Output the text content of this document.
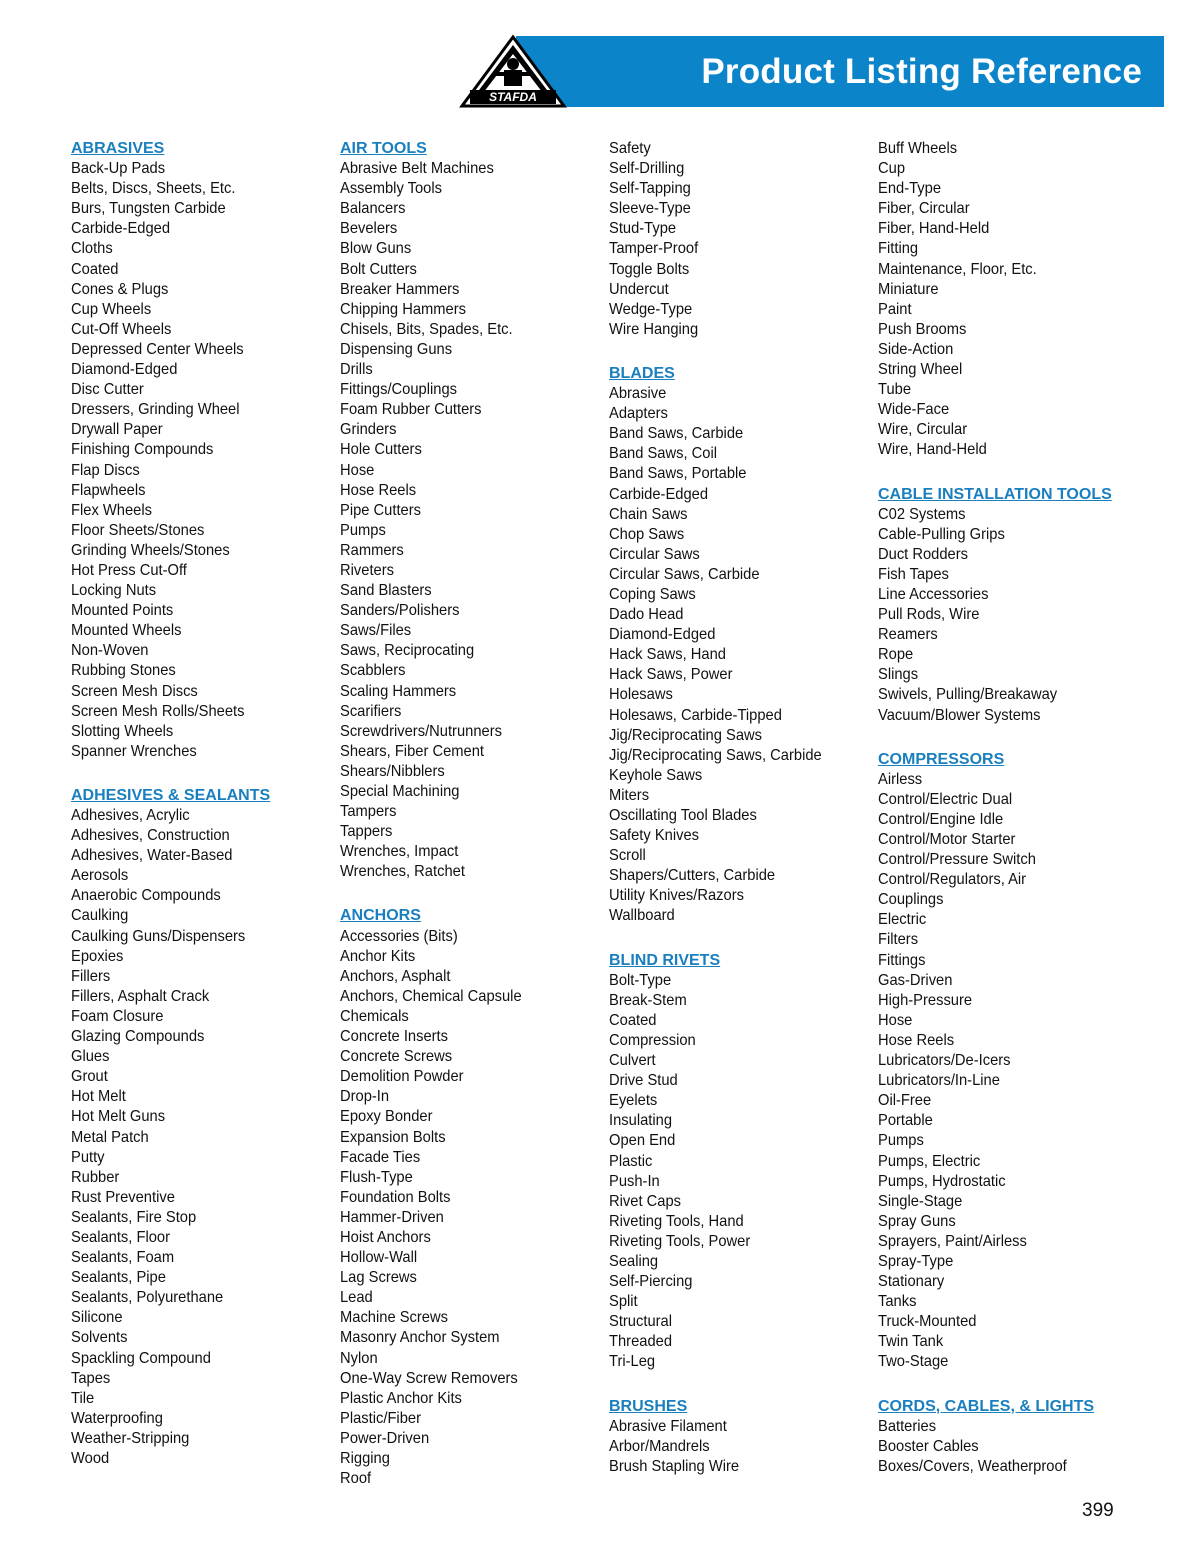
Product Listing Reference
STAFDA
ABRASIVES
Back-Up Pads
Belts, Discs, Sheets, Etc.
Burs, Tungsten Carbide
Carbide-Edged
Cloths
Coated
Cones & Plugs
Cup Wheels
Cut-Off Wheels
Depressed Center Wheels
Diamond-Edged
Disc Cutter
Dressers, Grinding Wheel
Drywall Paper
Finishing Compounds
Flap Discs
Flapwheels
Flex Wheels
Floor Sheets/Stones
Grinding Wheels/Stones
Hot Press Cut-Off
Locking Nuts
Mounted Points
Mounted Wheels
Non-Woven
Rubbing Stones
Screen Mesh Discs
Screen Mesh Rolls/Sheets
Slotting Wheels
Spanner Wrenches
ADHESIVES & SEALANTS
Adhesives, Acrylic
Adhesives, Construction
Adhesives, Water-Based
Aerosols
Anaerobic Compounds
Caulking
Caulking Guns/Dispensers
Epoxies
Fillers
Fillers, Asphalt Crack
Foam Closure
Glazing Compounds
Glues
Grout
Hot Melt
Hot Melt Guns
Metal Patch
Putty
Rubber
Rust Preventive
Sealants, Fire Stop
Sealants, Floor
Sealants, Foam
Sealants, Pipe
Sealants, Polyurethane
Silicone
Solvents
Spackling Compound
Tapes
Tile
Waterproofing
Weather-Stripping
Wood
AIR TOOLS
Abrasive Belt Machines
Assembly Tools
Balancers
Bevelers
Blow Guns
Bolt Cutters
Breaker Hammers
Chipping Hammers
Chisels, Bits, Spades, Etc.
Dispensing Guns
Drills
Fittings/Couplings
Foam Rubber Cutters
Grinders
Hole Cutters
Hose
Hose Reels
Pipe Cutters
Pumps
Rammers
Riveters
Sand Blasters
Sanders/Polishers
Saws/Files
Saws, Reciprocating
Scabblers
Scaling Hammers
Scarifiers
Screwdrivers/Nutrunners
Shears, Fiber Cement
Shears/Nibblers
Special Machining
Tampers
Tappers
Wrenches, Impact
Wrenches, Ratchet
ANCHORS
Accessories (Bits)
Anchor Kits
Anchors, Asphalt
Anchors, Chemical Capsule
Chemicals
Concrete Inserts
Concrete Screws
Demolition Powder
Drop-In
Epoxy Bonder
Expansion Bolts
Facade Ties
Flush-Type
Foundation Bolts
Hammer-Driven
Hoist Anchors
Hollow-Wall
Lag Screws
Lead
Machine Screws
Masonry Anchor System
Nylon
One-Way Screw Removers
Plastic Anchor Kits
Plastic/Fiber
Power-Driven
Rigging
Roof
Safety
Self-Drilling
Self-Tapping
Sleeve-Type
Stud-Type
Tamper-Proof
Toggle Bolts
Undercut
Wedge-Type
Wire Hanging
BLADES
Abrasive
Adapters
Band Saws, Carbide
Band Saws, Coil
Band Saws, Portable
Carbide-Edged
Chain Saws
Chop Saws
Circular Saws
Circular Saws, Carbide
Coping Saws
Dado Head
Diamond-Edged
Hack Saws, Hand
Hack Saws, Power
Holesaws
Holesaws, Carbide-Tipped
Jig/Reciprocating Saws
Jig/Reciprocating Saws, Carbide
Keyhole Saws
Miters
Oscillating Tool Blades
Safety Knives
Scroll
Shapers/Cutters, Carbide
Utility Knives/Razors
Wallboard
BLIND RIVETS
Bolt-Type
Break-Stem
Coated
Compression
Culvert
Drive Stud
Eyelets
Insulating
Open End
Plastic
Push-In
Rivet Caps
Riveting Tools, Hand
Riveting Tools, Power
Sealing
Self-Piercing
Split
Structural
Threaded
Tri-Leg
BRUSHES
Abrasive Filament
Arbor/Mandrels
Brush Stapling Wire
Buff Wheels
Cup
End-Type
Fiber, Circular
Fiber, Hand-Held
Fitting
Maintenance, Floor, Etc.
Miniature
Paint
Push Brooms
Side-Action
String Wheel
Tube
Wide-Face
Wire, Circular
Wire, Hand-Held
CABLE INSTALLATION TOOLS
C02 Systems
Cable-Pulling Grips
Duct Rodders
Fish Tapes
Line Accessories
Pull Rods, Wire
Reamers
Rope
Slings
Swivels, Pulling/Breakaway
Vacuum/Blower Systems
COMPRESSORS
Airless
Control/Electric Dual
Control/Engine Idle
Control/Motor Starter
Control/Pressure Switch
Control/Regulators, Air
Couplings
Electric
Filters
Fittings
Gas-Driven
High-Pressure
Hose
Hose Reels
Lubricators/De-Icers
Lubricators/In-Line
Oil-Free
Portable
Pumps
Pumps, Electric
Pumps, Hydrostatic
Single-Stage
Spray Guns
Sprayers, Paint/Airless
Spray-Type
Stationary
Tanks
Truck-Mounted
Twin Tank
Two-Stage
CORDS, CABLES, & LIGHTS
Batteries
Booster Cables
Boxes/Covers, Weatherproof
399
